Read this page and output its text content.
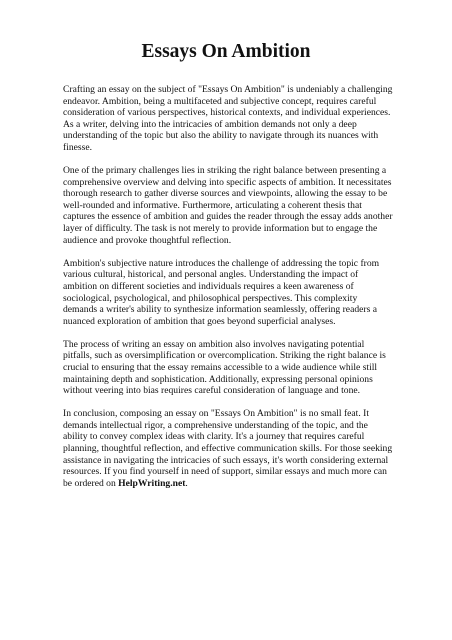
Essays On Ambition

Crafting an essay on the subject of "Essays On Ambition" is undeniably a challenging endeavor. Ambition, being a multifaceted and subjective concept, requires careful consideration of various perspectives, historical contexts, and individual experiences. As a writer, delving into the intricacies of ambition demands not only a deep understanding of the topic but also the ability to navigate through its nuances with finesse.

One of the primary challenges lies in striking the right balance between presenting a comprehensive overview and delving into specific aspects of ambition. It necessitates thorough research to gather diverse sources and viewpoints, allowing the essay to be well-rounded and informative. Furthermore, articulating a coherent thesis that captures the essence of ambition and guides the reader through the essay adds another layer of difficulty. The task is not merely to provide information but to engage the audience and provoke thoughtful reflection.

Ambition's subjective nature introduces the challenge of addressing the topic from various cultural, historical, and personal angles. Understanding the impact of ambition on different societies and individuals requires a keen awareness of sociological, psychological, and philosophical perspectives. This complexity demands a writer's ability to synthesize information seamlessly, offering readers a nuanced exploration of ambition that goes beyond superficial analyses.

The process of writing an essay on ambition also involves navigating potential pitfalls, such as oversimplification or overcomplication. Striking the right balance is crucial to ensuring that the essay remains accessible to a wide audience while still maintaining depth and sophistication. Additionally, expressing personal opinions without veering into bias requires careful consideration of language and tone.

In conclusion, composing an essay on "Essays On Ambition" is no small feat. It demands intellectual rigor, a comprehensive understanding of the topic, and the ability to convey complex ideas with clarity. It's a journey that requires careful planning, thoughtful reflection, and effective communication skills. For those seeking assistance in navigating the intricacies of such essays, it's worth considering external resources. If you find yourself in need of support, similar essays and much more can be ordered on HelpWriting.net.
